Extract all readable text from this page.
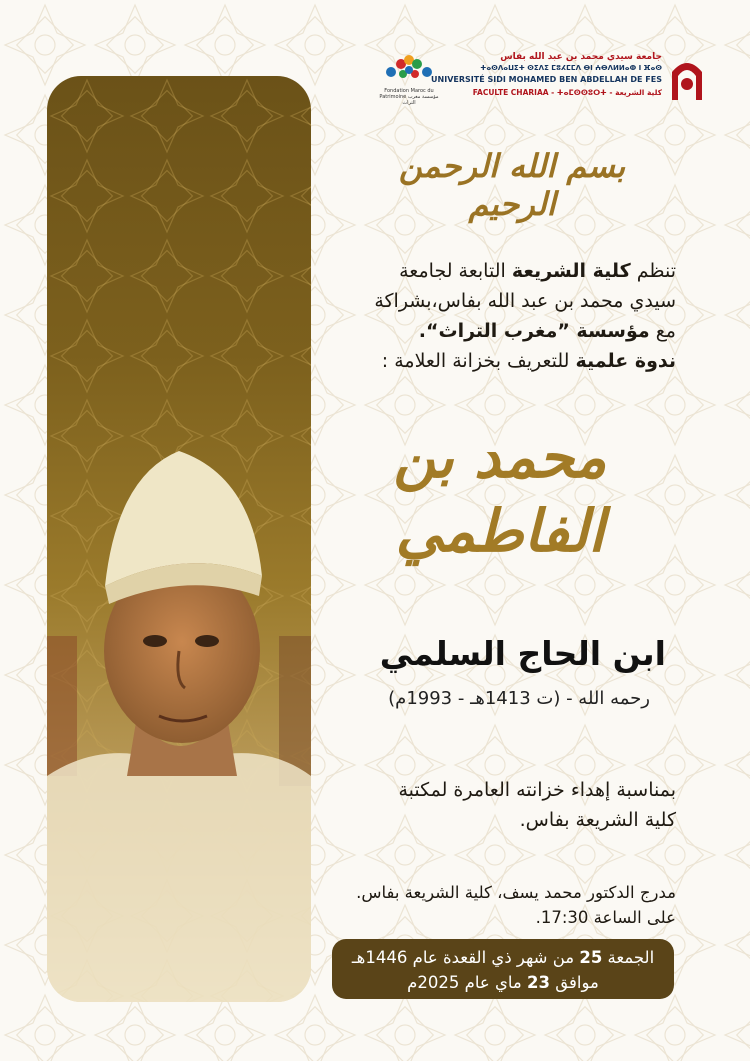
Fondation Maroc du Patrimoine مؤسسة مغرب التراث
جامعة سيدي محمد بن عبد الله بفاس
ⵜⴰⵙⴷⴰⵡⵉⵜ ⵙⵉⴷⵉ ⵎⵓⵃⵎⵎⴷ ⴱⵏ ⵄⴱⴷⵍⵍⴰⵀ ⵏ ⴼⴰⵙ
UNIVERSITÉ SIDI MOHAMED BEN ABDELLAH DE FES
FACULTE CHARIAA - ⵜⴰⵎⵙⵙⵓⵔⵜ - كلية الشريعة
بسم الله الرحمن الرحيم
تنظم كلية الشريعة التابعة لجامعة
سيدي محمد بن عبد الله بفاس،بشراكة
مع مؤسسة ”مغرب التراث“.
ندوة علمية للتعريف بخزانة العلامة :
محمد بن
الفاطمي
ابن الحاج السلمي
رحمه الله - (ت 1413هـ - 1993م)
بمناسبة إهداء خزانته العامرة لمكتبة
كلية الشريعة بفاس.
مدرج الدكتور محمد يسف، كلية الشريعة بفاس.
على الساعة 17:30.
الجمعة 25 من شهر ذي القعدة عام 1446هـ
موافق 23 ماي عام 2025م
